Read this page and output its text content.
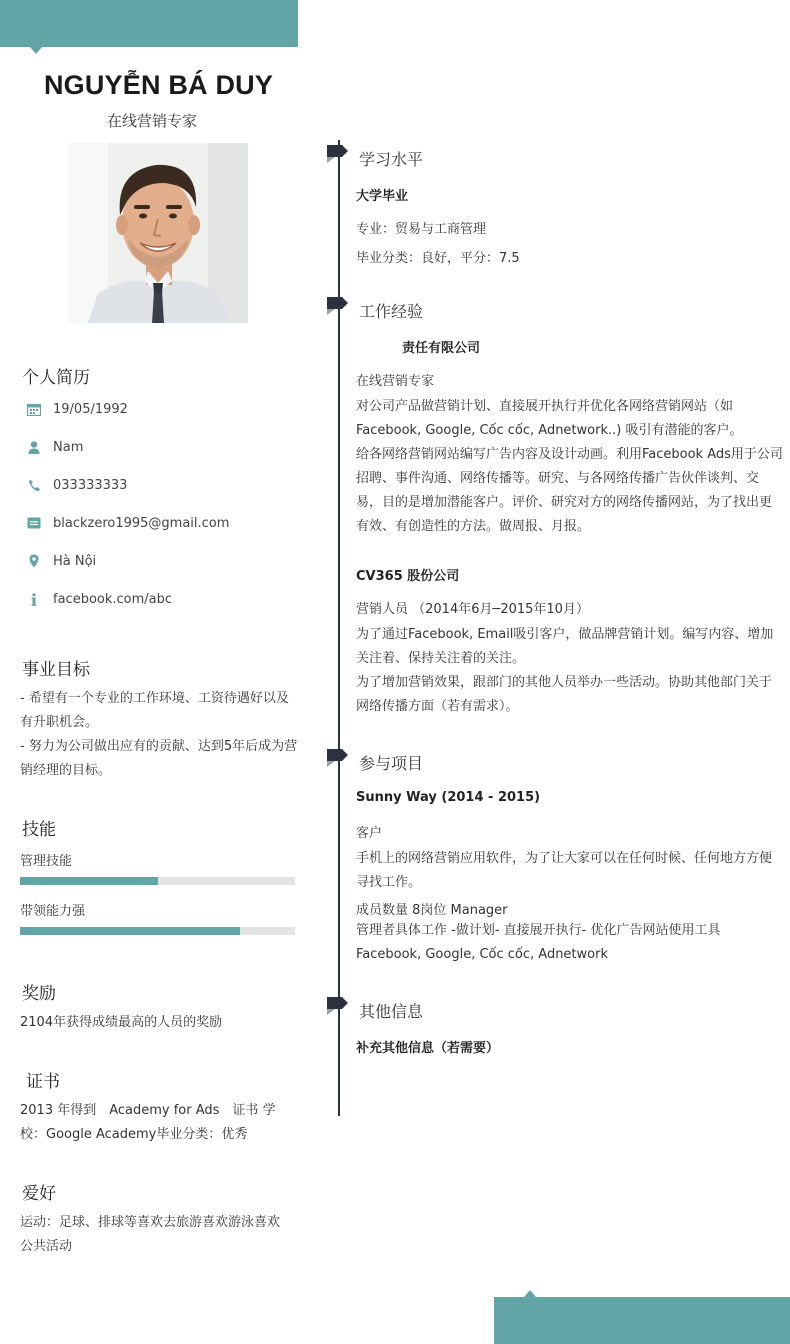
NGUYỄN BÁ DUY
在线营销专家
个人简历
19/05/1992
Nam
033333333
blackzero1995@gmail.com
Hà Nội
facebook.com/abc
事业目标
- 希望有一个专业的工作环境、工资待遇好以及有升职机会。
- 努力为公司做出应有的贡献、达到5年后成为营销经理的目标。
技能
管理技能
带领能力强
奖励
2104年获得成绩最高的人员的奖励
证书
2013 年得到　Academy for Ads　证书 学校：Google Academy毕业分类：优秀
爱好
运动：足球、排球等喜欢去旅游喜欢游泳喜欢公共活动
学习水平
大学毕业
专业：贸易与工商管理
毕业分类：良好，平分：7.5
工作经验
责任有限公司
在线营销专家
对公司产品做营销计划、直接展开执行并优化各网络营销网站（如Facebook, Google, Cốc cốc, Adnetwork..) 吸引有潜能的客户。
给各网络营销网站编写广告内容及设计动画。利用Facebook Ads用于公司招聘、事件沟通、网络传播等。研究、与各网络传播广告伙伴谈判、交易，目的是增加潜能客户。评价、研究对方的网络传播网站，为了找出更有效、有创造性的方法。做周报、月报。
CV365 股份公司
营销人员 （2014年6月─2015年10月）
为了通过Facebook, Email吸引客户，做品牌营销计划。编写内容、增加关注着、保持关注着的关注。
为了增加营销效果，跟部门的其他人员举办一些活动。协助其他部门关于网络传播方面（若有需求）。
参与项目
Sunny Way (2014 - 2015)
客户
手机上的网络营销应用软件，为了让大家可以在任何时候、任何地方方便寻找工作。
成员数量 8岗位 Manager
管理者具体工作 -做计划- 直接展开执行- 优化广告网站使用工具
Facebook, Google, Cốc cốc, Adnetwork
其他信息
补充其他信息（若需要）
